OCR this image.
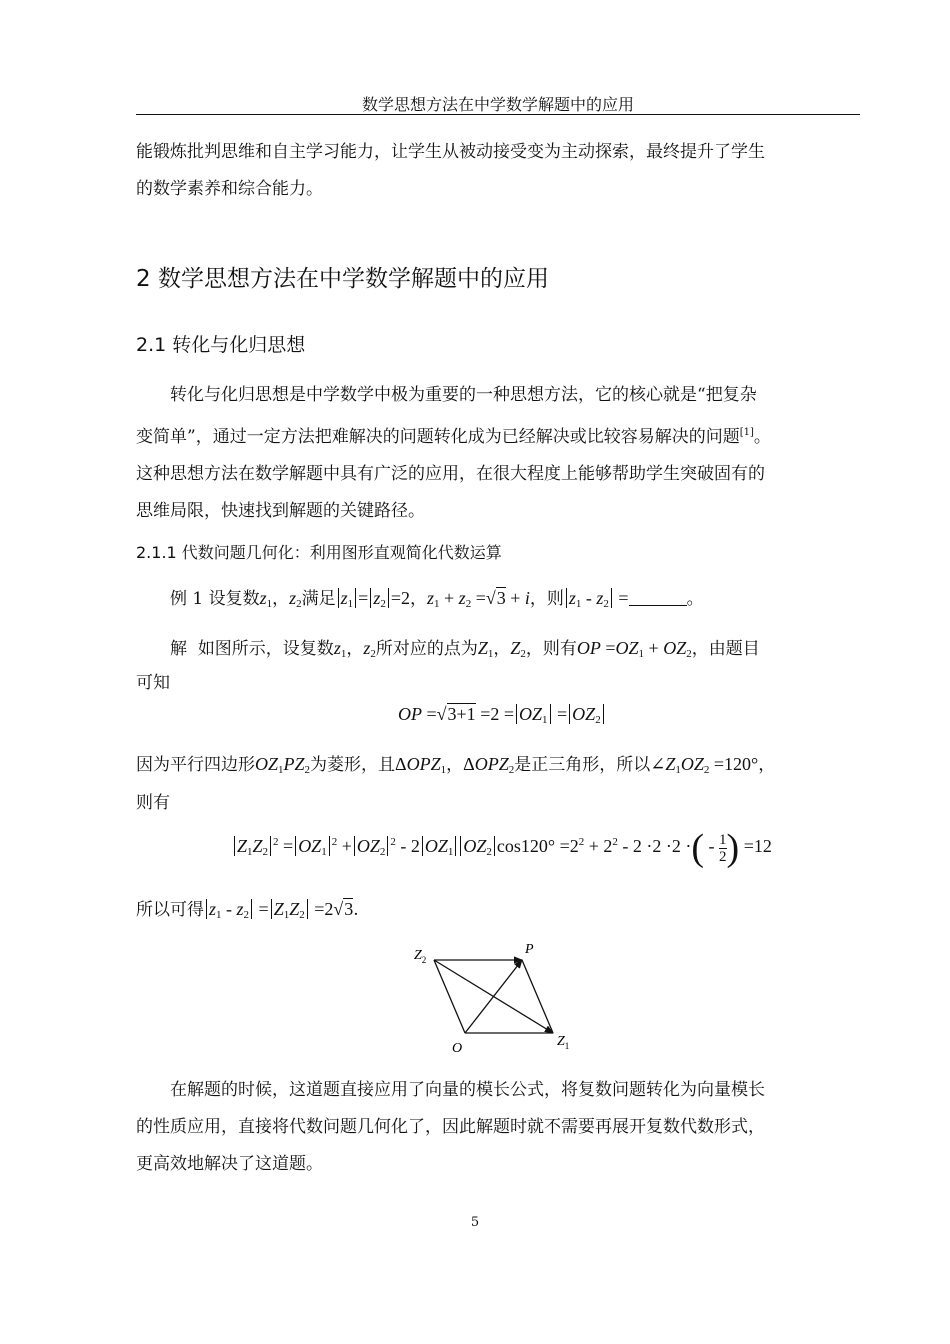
数学思想方法在中学数学解题中的应用
能锻炼批判思维和自主学习能力，让学生从被动接受变为主动探索，最终提升了学生
的数学素养和综合能力。
2 数学思想方法在中学数学解题中的应用
2.1 转化与化归思想
转化与化归思想是中学数学中极为重要的一种思想方法，它的核心就是“把复杂
变简单”，通过一定方法把难解决的问题转化成为已经解决或比较容易解决的问题[1]。
这种思想方法在数学解题中具有广泛的应用，在很大程度上能够帮助学生突破固有的
思维局限，快速找到解题的关键路径。
2.1.1 代数问题几何化：利用图形直观简化代数运算
例 1 设复数$z_1$，$z_2$满足 $z_1 = z_2 =2$，$z_1 + z_2 =√3 + i$，则 $z_1 - z_2$ =	。
解 如图所示，设复数$z_1$，$z_2$所对应的点为$Z_1$，$Z_2$，则有OP $=OZ_1 + OZ_2$，由题目
可知
OP $=√3+1 =2 = OZ_1 = OZ_2$
因为平行四边形$OZ_1PZ_2$为菱形，且$\Delta OPZ_1$，$\Delta OPZ_2$是正三角形，所以$\angle Z_1OZ_2 =120^\circ$，
则有
$Z_1Z_2^2 = OZ_1^2 + OZ_2^2 - 2$ $OZ_1$ $OZ_2$ $\cos 120^\circ =2^2 + 2^2 - 2 \cdot 2 \cdot 2$ ·( - $\frac{1}{2}$ ) =12
所以可得 $z_1 - z_2 = Z_1Z_2 =2√3$.
$Z_2$
P
O	$Z_1$
在解题的时候，这道题直接应用了向量的模长公式，将复数问题转化为向量模长
的性质应用，直接将代数问题几何化了，因此解题时就不需要再展开复数代数形式，
更高效地解决了这道题。
5
